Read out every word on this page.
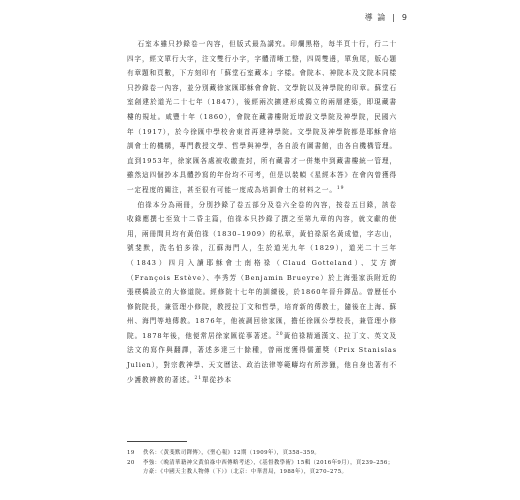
導 論 | 9

石室本雖只抄錄卷一內容，但版式最為講究。印爛黑格，每半頁十行，行二十四字，經文單行大字，注文雙行小字，字體清晰工整，四周雙邊，單魚尾，版心題有章題和頁數，下方刻印有「蘇堂石室藏本」字樣。會院本、神院本及文院本同樣只抄錄卷一內容，並分別藏徐家匯耶穌會會院、文學院以及神學院的印章。蘇堂石室創建於道光二十七年（1847），後經兩次擴建形成獨立的兩層建築，即現藏書樓的規址。咸豐十年（1860），會院在藏書樓附近增設文學院及神學院，民國六年（1917），於今徐匯中學校舍東首再建神學院。文學院及神學院都是耶穌會培訓會士的機構，專門教授文學、哲學與神學，各自設有圖書館，由各自機構管理。直到1953年，徐家匯各處被收繳查封，所有藏書才一併集中到藏書樓統一管理，雖然這四個抄本具體抄寫的年份均不可考，但是以裝幀《星經本答》在會內曾獲得一定程度的關注，甚至很有可能一度成為培訓會士的材料之一。$^{19}$

伯祿本分為兩冊，分別抄錄了卷五部分及卷六全卷的內容，按卷五目錄，該卷收錄應撰七至致十二昏主篇，伯祿本只抄錄了撰之至第九章的內容，就文獻的使用，兩冊間貝均有黃伯祿（1830–1909）的私章，黃伯祿原名黃成億，字志山，號斐默，洗名伯多祿，江蘇海門人，生於道光九年（1829），道光二十三年（1843）四月入讀耶穌會士南格祿（Claud Gotteland）、艾方濟（François Estève）、李秀芳（Benjamin Brueyre）於上海張家浜附近的張樸橋設立的大修道院。經修院十七年的訓練後，於1860年晉升鐸品。曾歷任小修院院長，兼管理小修院，教授拉丁文和哲學，培育新的傳教士，隨後在上海、蘇州、海門等地傳教。1876年，他被調回徐家匯，擔任徐匯公學校長，兼管理小修院。1878年後，他便常居徐家匯從事著述。$^{20}$黃伯祿精通漢文、拉丁文、英文及法文的寫作與翻譯，著述多達三十餘種，曾兩度獲得儒蓮獎（Prix Stanislas Julien），對宗教神學、天文曆法、政治法律等範疇均有所涉獵，他自身也著有不少護教辨教的著述。$^{21}$單從抄本

19	佚名：〈黃斐默司鐸傳〉，《聖心報》12期（1909年），頁358–359。
20	李強：〈晚清華籍神父黃伯祿中西傳略考述〉，《基督教學術》15輯（2016年9月），頁239–256；方豪：《中國天主教人物傳（下）》（北京：中華書局，1988年），頁270–275。
